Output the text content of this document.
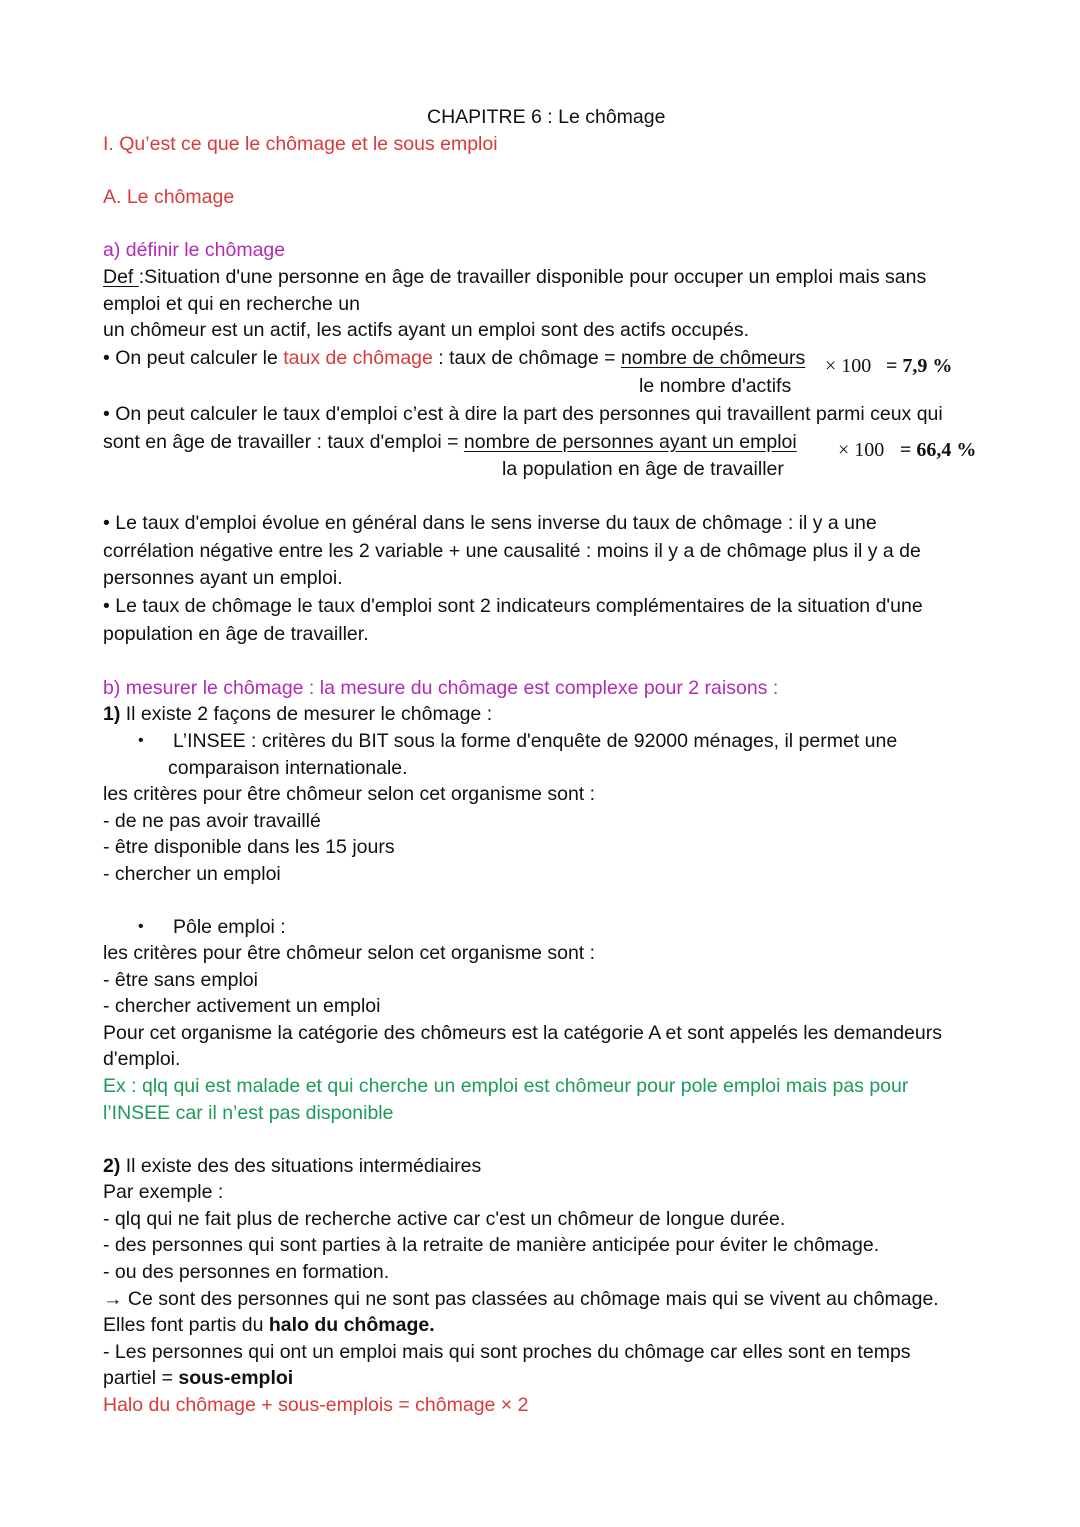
CHAPITRE 6 : Le chômage
I. Qu’est ce que le chômage et le sous emploi
A. Le chômage
a) définir le chômage
Def :Situation d'une personne en âge de travailler disponible pour occuper un emploi mais sans
emploi et qui en recherche un
un chômeur est un actif, les actifs ayant un emploi sont des actifs occupés.
• On peut calculer le taux de chômage : taux de chômage = nombre de chômeurs × 100 = 7,9 %
le nombre d'actifs
• On peut calculer le taux d'emploi c’est à dire la part des personnes qui travaillent parmi ceux qui
sont en âge de travailler : taux d'emploi = nombre de personnes ayant un emploi × 100 = 66,4 %
la population en âge de travailler
• Le taux d'emploi évolue en général dans le sens inverse du taux de chômage : il y a une
corrélation négative entre les 2 variable + une causalité : moins il y a de chômage plus il y a de
personnes ayant un emploi.
• Le taux de chômage le taux d'emploi sont 2 indicateurs complémentaires de la situation d'une
population en âge de travailler.
b) mesurer le chômage : la mesure du chômage est complexe pour 2 raisons :
1) Il existe 2 façons de mesurer le chômage :
• L’INSEE : critères du BIT sous la forme d'enquête de 92000 ménages, il permet une
comparaison internationale.
les critères pour être chômeur selon cet organisme sont :
- de ne pas avoir travaillé
- être disponible dans les 15 jours
- chercher un emploi
• Pôle emploi :
les critères pour être chômeur selon cet organisme sont :
- être sans emploi
- chercher activement un emploi
Pour cet organisme la catégorie des chômeurs est la catégorie A et sont appelés les demandeurs
d'emploi.
Ex : qlq qui est malade et qui cherche un emploi est chômeur pour pole emploi mais pas pour
l’INSEE car il n’est pas disponible
2) Il existe des des situations intermédiaires
Par exemple :
- qlq qui ne fait plus de recherche active car c'est un chômeur de longue durée.
- des personnes qui sont parties à la retraite de manière anticipée pour éviter le chômage.
- ou des personnes en formation.
→ Ce sont des personnes qui ne sont pas classées au chômage mais qui se vivent au chômage.
Elles font partis du halo du chômage.
- Les personnes qui ont un emploi mais qui sont proches du chômage car elles sont en temps
partiel = sous-emploi
Halo du chômage + sous-emplois = chômage × 2
